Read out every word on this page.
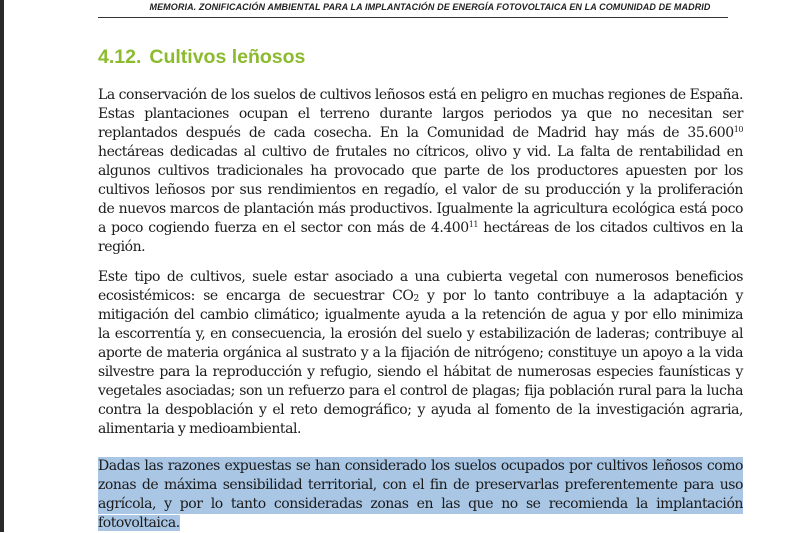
MEMORIA. ZONIFICACIÓN AMBIENTAL PARA LA IMPLANTACIÓN DE ENERGÍA FOTOVOLTAICA EN LA COMUNIDAD DE MADRID
4.12. Cultivos leñosos

La conservación de los suelos de cultivos leñosos está en peligro en muchas regiones de España.
Estas plantaciones ocupan el terreno durante largos periodos ya que no necesitan ser
replantados después de cada cosecha. En la Comunidad de Madrid hay más de 35.600$^{10}$
hectáreas dedicadas al cultivo de frutales no cítricos, olivo y vid. La falta de rentabilidad en
algunos cultivos tradicionales ha provocado que parte de los productores apuesten por los
cultivos leñosos por sus rendimientos en regadío, el valor de su producción y la proliferación
de nuevos marcos de plantación más productivos. Igualmente la agricultura ecológica está poco
a poco cogiendo fuerza en el sector con más de 4.400$^{11}$ hectáreas de los citados cultivos en la
región.

Este tipo de cultivos, suele estar asociado a una cubierta vegetal con numerosos beneficios
ecosistémicos: se encarga de secuestrar $CO_2$ y por lo tanto contribuye a la adaptación y
mitigación del cambio climático; igualmente ayuda a la retención de agua y por ello minimiza
la escorrentía y, en consecuencia, la erosión del suelo y estabilización de laderas; contribuye al
aporte de materia orgánica al sustrato y a la fijación de nitrógeno; constituye un apoyo a la vida
silvestre para la reproducción y refugio, siendo el hábitat de numerosas especies faunísticas y
vegetales asociadas; son un refuerzo para el control de plagas; fija población rural para la lucha
contra la despoblación y el reto demográfico; y ayuda al fomento de la investigación agraria,
alimentaria y medioambiental.

Dadas las razones expuestas se han considerado los suelos ocupados por cultivos leñosos como
zonas de máxima sensibilidad territorial, con el fin de preservarlas preferentemente para uso
agrícola, y por lo tanto consideradas zonas en las que no se recomienda la implantación
fotovoltaica.
